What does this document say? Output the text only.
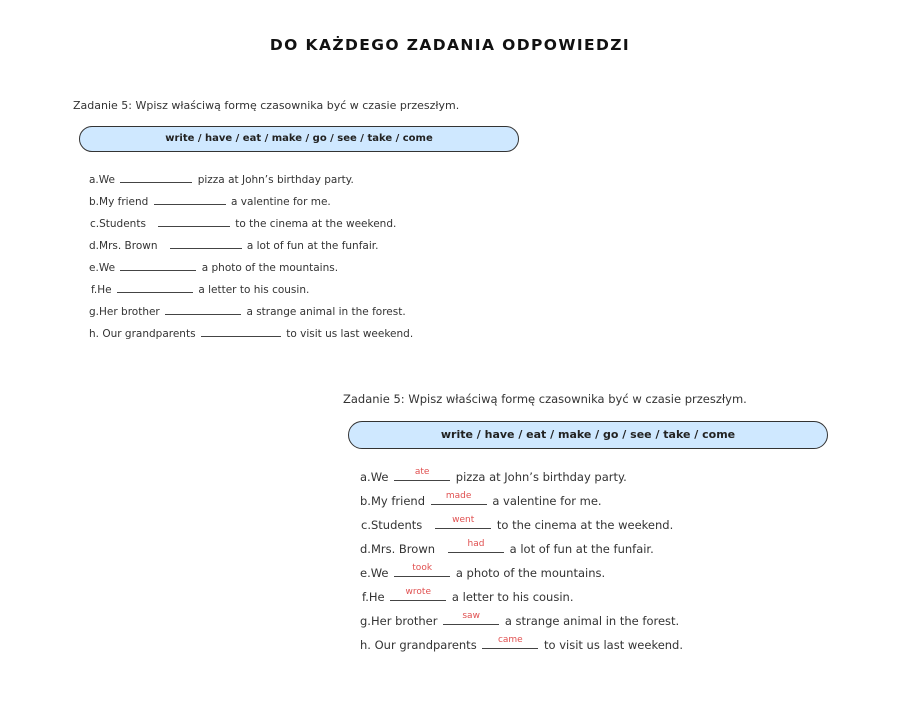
DO KAŻDEGO ZADANIA ODPOWIEDZI
Zadanie 5: Wpisz właściwą formę czasownika być w czasie przeszłym.
write / have / eat / make / go / see / take / come
a.We	pizza at John’s birthday party.
b.My friend	a valentine for me.
c.Students	to the cinema at the weekend.
d.Mrs. Brown	a lot of fun at the funfair.
e.We	a photo of the mountains.
f.He	a letter to his cousin.
g.Her brother	a strange animal in the forest.
h. Our grandparents	to visit us last weekend.
Zadanie 5: Wpisz właściwą formę czasownika być w czasie przeszłym.
write / have / eat / make / go / see / take / come
a.We	ate	pizza at John’s birthday party.
b.My friend	made	a valentine for me.
c.Students	went	to the cinema at the weekend.
d.Mrs. Brown	had	a lot of fun at the funfair.
e.We	took	a photo of the mountains.
f.He	wrote	a letter to his cousin.
g.Her brother	saw	a strange animal in the forest.
h. Our grandparents	came	to visit us last weekend.
